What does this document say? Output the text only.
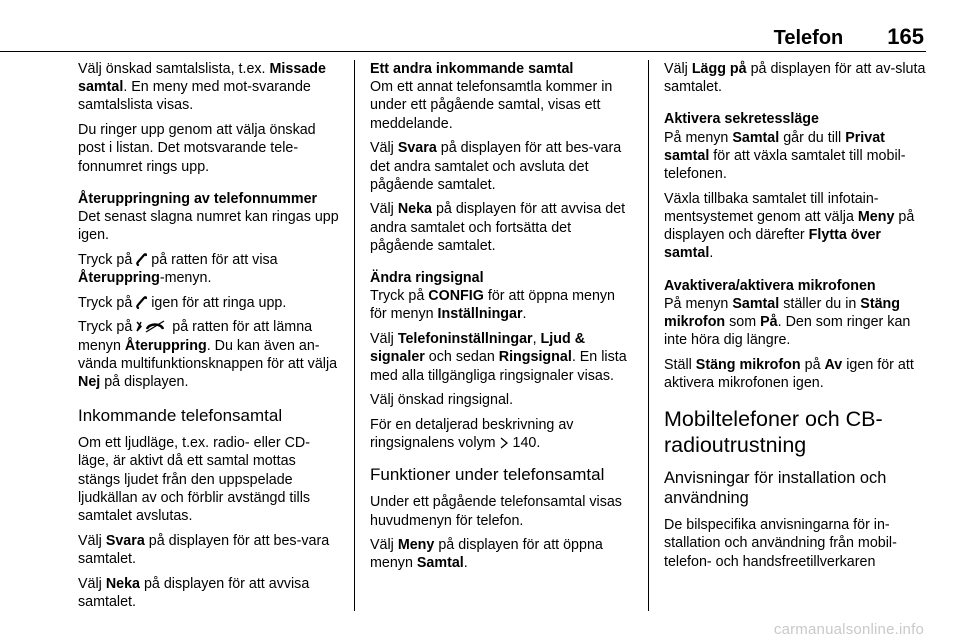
Telefon 165

Välj önskad samtalslista, t.ex. Missade samtal. En meny med mot-svarande samtalslista visas.

Du ringer upp genom att välja önskad post i listan. Det motsvarande tele-fonnumret rings upp.

Återuppringning av telefonnummer

Det senast slagna numret kan ringas upp igen.

Tryck på  på ratten för att visa Återuppring-menyn.

Tryck på  igen för att ringa upp.

Tryck på  på ratten för att lämna menyn Återuppring. Du kan även an-vända multifunktionsknappen för att välja Nej på displayen.

Inkommande telefonsamtal

Om ett ljudläge, t.ex. radio- eller CD-läge, är aktivt då ett samtal mottas stängs ljudet från den uppspelade ljudkällan av och förblir avstängd tills samtalet avslutas.

Välj Svara på displayen för att bes-vara samtalet.

Välj Neka på displayen för att avvisa samtalet.

Ett andra inkommande samtal

Om ett annat telefonsamtla kommer in under ett pågående samtal, visas ett meddelande.

Välj Svara på displayen för att bes-vara det andra samtalet och avsluta det pågående samtalet.

Välj Neka på displayen för att avvisa det andra samtalet och fortsätta det pågående samtalet.

Ändra ringsignal

Tryck på CONFIG för att öppna menyn för menyn Inställningar.

Välj Telefoninställningar, Ljud & signaler och sedan Ringsignal. En lista med alla tillgängliga ringsignaler visas.

Välj önskad ringsignal.

För en detaljerad beskrivning av ringsignalens volym  140.

Funktioner under telefonsamtal

Under ett pågående telefonsamtal visas huvudmenyn för telefon.

Välj Meny på displayen för att öppna menyn Samtal.

Välj Lägg på på displayen för att av-sluta samtalet.

Aktivera sekretessläge

På menyn Samtal går du till Privat samtal för att växla samtalet till mobil-telefonen.

Växla tillbaka samtalet till infotain-mentsystemet genom att välja Meny på displayen och därefter Flytta över samtal.

Avaktivera/aktivera mikrofonen

På menyn Samtal ställer du in Stäng mikrofon som På. Den som ringer kan inte höra dig längre.

Ställ Stäng mikrofon på Av igen för att aktivera mikrofonen igen.

Mobiltelefoner och CB-radioutrustning
Anvisningar för installation och användning

De bilspecifika anvisningarna för in-stallation och användning från mobil-telefon- och handsfreetillverkaren

carmanualsonline.info
